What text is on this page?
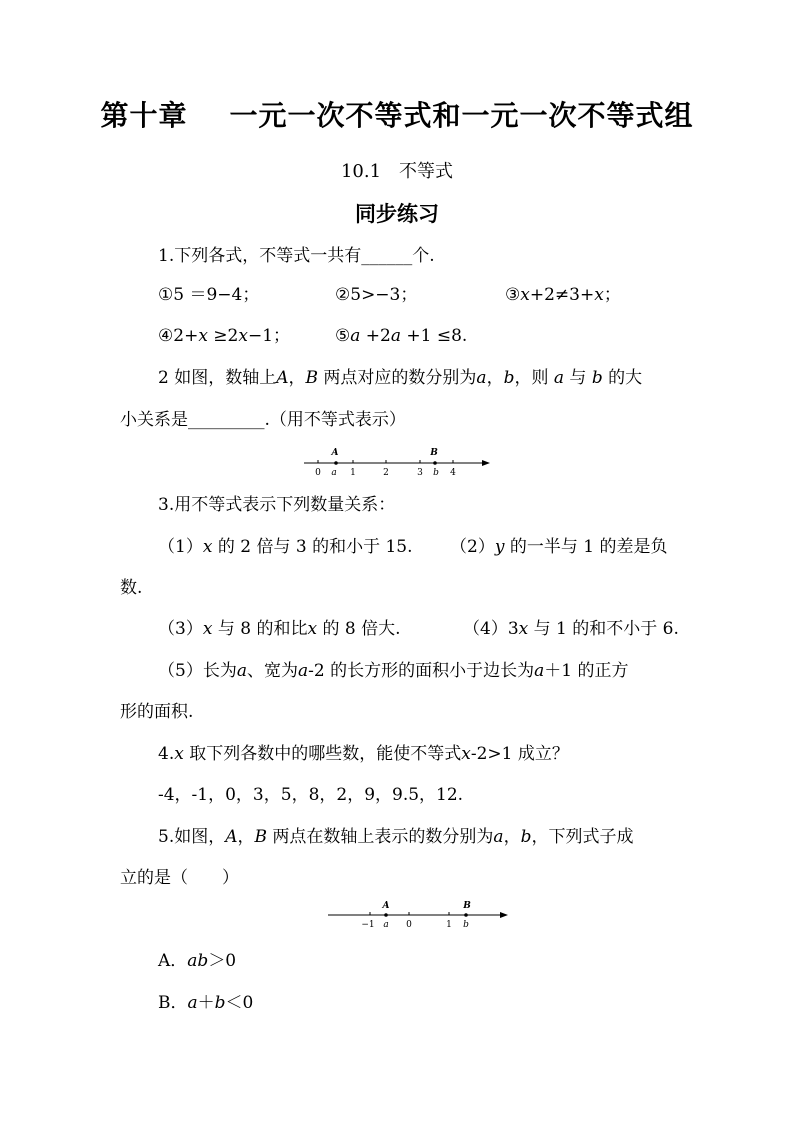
第十章 一元一次不等式和一元一次不等式组
10.1 不等式
同步练习
1.下列各式，不等式一共有______个.
①5 ＝9−4；	②5>−3；	③x+2≠3+x；
④2+x ≥2x−1；	⑤a +2a +1 ≤8.
2 如图，数轴上A，B 两点对应的数分别为a，b，则 a 与 b 的大
小关系是_________.（用不等式表示）
0	1	2	3	4
A
a
B
b
3.用不等式表示下列数量关系：
（1）x 的 2 倍与 3 的和小于 15. （2）y 的一半与 1 的差是负
数.
（3）x 与 8 的和比x 的 8 倍大.	（4）3x 与 1 的和不小于 6.
（5）长为a、宽为a-2 的长方形的面积小于边长为a＋1 的正方
形的面积.
4.x 取下列各数中的哪些数，能使不等式x-2>1 成立？
-4，-1，0，3，5，8，2，9，9.5，12.
5.如图，A，B 两点在数轴上表示的数分别为a，b，下列式子成
立的是（　　）
−1	0	1
A
a
B
b
A．ab＞0
B．a＋b＜0
